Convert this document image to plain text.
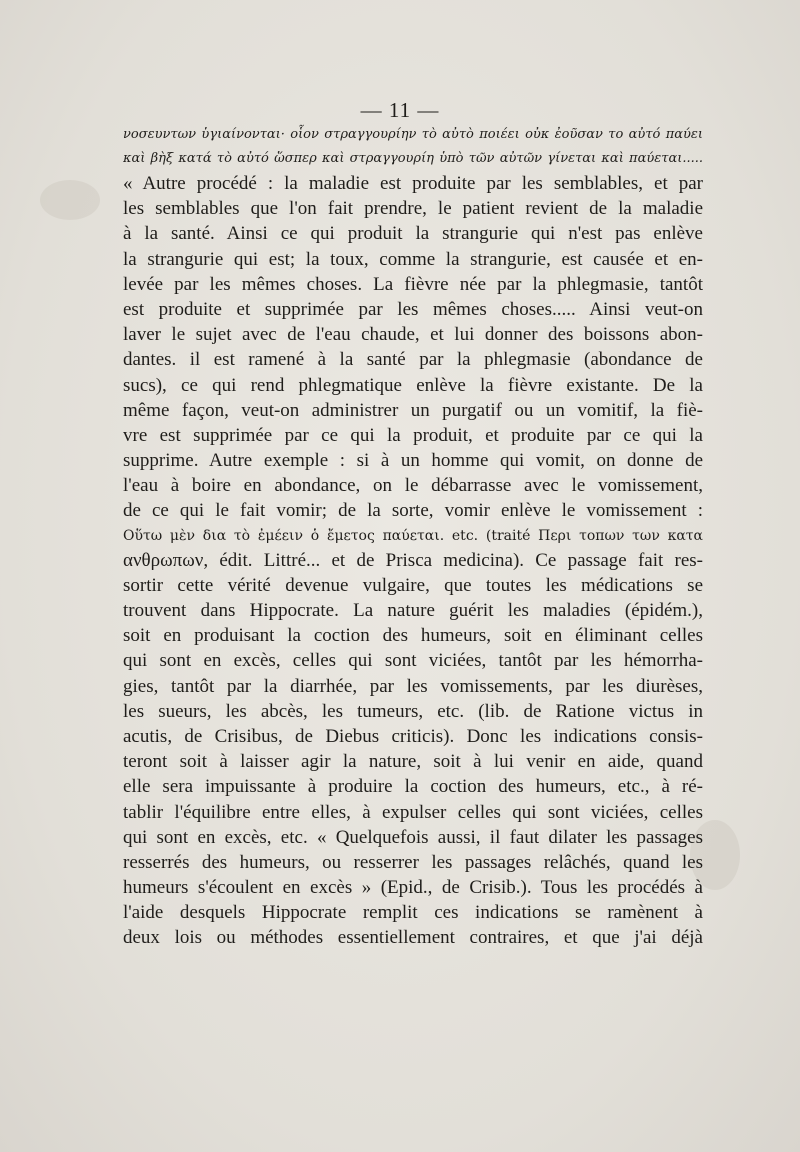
— 11 —
νοσευντων ὑγιαίνονται· οἷον στραγγουρίην τὸ αὐτὸ ποιέει οὐκ ἐοῦσαν το αὐτό παύει
καὶ βὴξ κατά τὸ αὐτό ὥσπερ καὶ στραγγουρίη ὑπὸ τῶν αὐτῶν γίνεται καὶ παύεται.....
« Autre procédé : la maladie est produite par les semblables, et par
les semblables que l'on fait prendre, le patient revient de la maladie
à la santé. Ainsi ce qui produit la strangurie qui n'est pas enlève
la strangurie qui est; la toux, comme la strangurie, est causée et en-
levée par les mêmes choses. La fièvre née par la phlegmasie, tantôt
est produite et supprimée par les mêmes choses..... Ainsi veut-on
laver le sujet avec de l'eau chaude, et lui donner des boissons abon-
dantes. il est ramené à la santé par la phlegmasie (abondance de
sucs), ce qui rend phlegmatique enlève la fièvre existante. De la
même façon, veut-on administrer un purgatif ou un vomitif, la fiè-
vre est supprimée par ce qui la produit, et produite par ce qui la
supprime. Autre exemple : si à un homme qui vomit, on donne de
l'eau à boire en abondance, on le débarrasse avec le vomissement,
de ce qui le fait vomir; de la sorte, vomir enlève le vomissement :
Οὕτω μὲν δια τὸ ἐμέειν ὁ ἔμετος παύεται. etc. (traité Περι τοπων των κατα
ανθρωπων, édit. Littré... et de Prisca medicina). Ce passage fait res-
sortir cette vérité devenue vulgaire, que toutes les médications se
trouvent dans Hippocrate. La nature guérit les maladies (épidém.),
soit en produisant la coction des humeurs, soit en éliminant celles
qui sont en excès, celles qui sont viciées, tantôt par les hémorrha-
gies, tantôt par la diarrhée, par les vomissements, par les diurèses,
les sueurs, les abcès, les tumeurs, etc. (lib. de Ratione victus in
acutis, de Crisibus, de Diebus criticis). Donc les indications consis-
teront soit à laisser agir la nature, soit à lui venir en aide, quand
elle sera impuissante à produire la coction des humeurs, etc., à ré-
tablir l'équilibre entre elles, à expulser celles qui sont viciées, celles
qui sont en excès, etc. « Quelquefois aussi, il faut dilater les passages
resserrés des humeurs, ou resserrer les passages relâchés, quand les
humeurs s'écoulent en excès » (Epid., de Crisib.). Tous les procédés à
l'aide desquels Hippocrate remplit ces indications se ramènent à
deux lois ou méthodes essentiellement contraires, et que j'ai déjà
